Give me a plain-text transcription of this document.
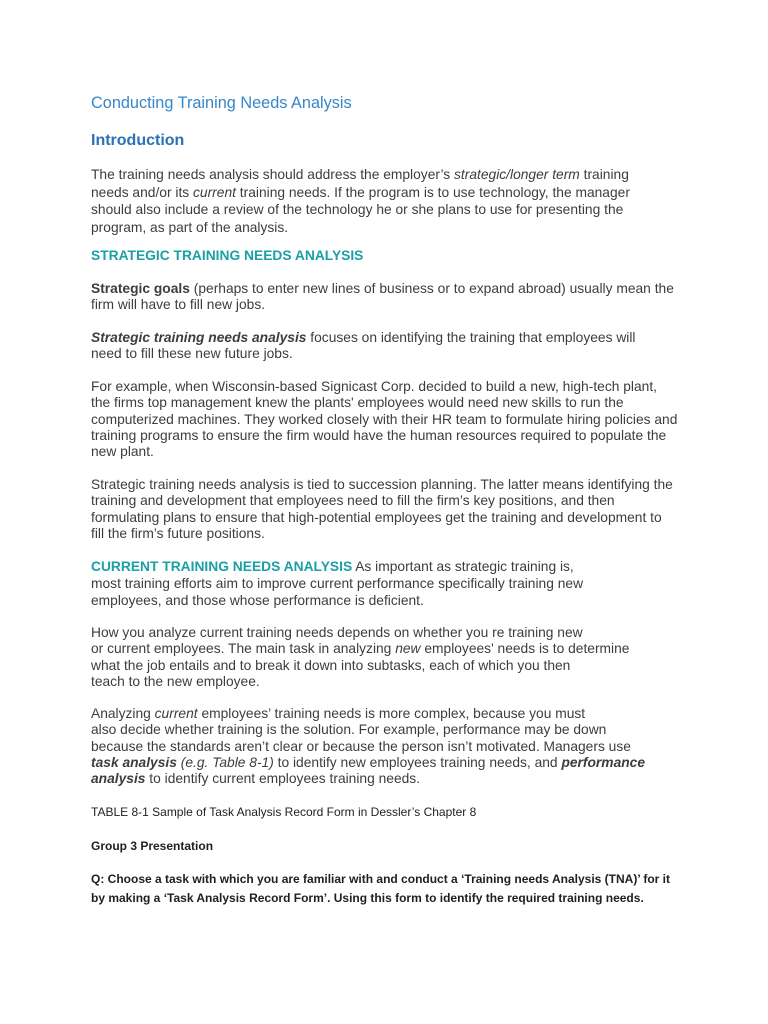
Conducting Training Needs Analysis
Introduction
The training needs analysis should address the employer’s strategic/longer term training
needs and/or its current training needs. If the program is to use technology, the manager
should also include a review of the technology he or she plans to use for presenting the
program, as part of the analysis.
STRATEGIC TRAINING NEEDS ANALYSIS
Strategic goals (perhaps to enter new lines of business or to expand abroad) usually mean the
firm will have to fill new jobs.
Strategic training needs analysis focuses on identifying the training that employees will
need to fill these new future jobs.
For example, when Wisconsin-based Signicast Corp. decided to build a new, high-tech plant,
the firms top management knew the plants' employees would need new skills to run the
computerized machines. They worked closely with their HR team to formulate hiring policies and
training programs to ensure the firm would have the human resources required to populate the
new plant.
Strategic training needs analysis is tied to succession planning. The latter means identifying the
training and development that employees need to fill the firm’s key positions, and then
formulating plans to ensure that high-potential employees get the training and development to
fill the firm’s future positions.
CURRENT TRAINING NEEDS ANALYSIS As important as strategic training is,
most training efforts aim to improve current performance specifically training new
employees, and those whose performance is deficient.
How you analyze current training needs depends on whether you re training new
or current employees. The main task in analyzing new employees' needs is to determine
what the job entails and to break it down into subtasks, each of which you then
teach to the new employee.
Analyzing current employees’ training needs is more complex, because you must
also decide whether training is the solution. For example, performance may be down
because the standards aren’t clear or because the person isn’t motivated. Managers use
task analysis (e.g. Table 8-1) to identify new employees training needs, and performance
analysis to identify current employees training needs.
TABLE 8-1 Sample of Task Analysis Record Form in Dessler’s Chapter 8
Group 3 Presentation
Q: Choose a task with which you are familiar with and conduct a ‘Training needs Analysis (TNA)’ for it
by making a ‘Task Analysis Record Form’. Using this form to identify the required training needs.
